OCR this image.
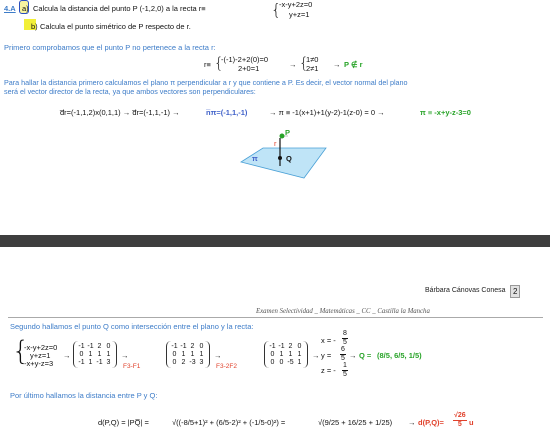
4.A a) Calcula la distancia del punto P (-1,2,0) a la recta r≡	{
-x-y+2z=0
y+z=1
b) Calcula el punto simétrico de P respecto de r.
Primero comprobamos que el punto P no pertenece a la recta r:
r≡ {
-(-1)-2+2(0)=0
2+0=1	→ {
1≠0
2≠1 → P ∉ r
Para hallar la distancia primero calculamos el plano π perpendicular a r y que contiene a P. Es decir, el vector normal del plano
será el vector director de la recta, ya que ambos vectores son perpendiculares:
d̅r=(-1,1,2)x(0,1,1) → d̅r=(-1,1,-1) →	n̅π=(-1,1,-1)	→ π ≡ -1(x+1)+1(y-2)-1(z-0) = 0 →	π ≡ -x+y-z-3=0
P
r
Q
π
Bárbara Cánovas Conesa 2
Examen Selectividad _ Matemáticas _ CC _ Castilla la Mancha
Segundo hallamos el punto Q como intersección entre el plano y la recta:
{
-x-y+2z=0
y+z=1
-x+y-z=3
→
-1 -1 2 0
0 1 1 1
-1 1 -1 3
→
F3-F1
-1 -1 2 0
0 1 1 1
0 2 -3 3
→
F3-2F2
-1 -1 2 0
0 1 1 1
0 0 -5 1
→
x = - $\frac{8}{5}$
$y = \frac{6}{5}$
z = - $\frac{1}{5}$
→ Q = (8/5, 6/5, 1/5)
Por último hallamos la distancia entre P y Q:
d(P,Q) = |PQ̅| =	√((-8/5+1)² + (6/5-2)² + (-1/5-0)²) =	$√(9/25 + 16/25 + 1/25) \to d(P,Q)= \frac{√26}{5}$ u
